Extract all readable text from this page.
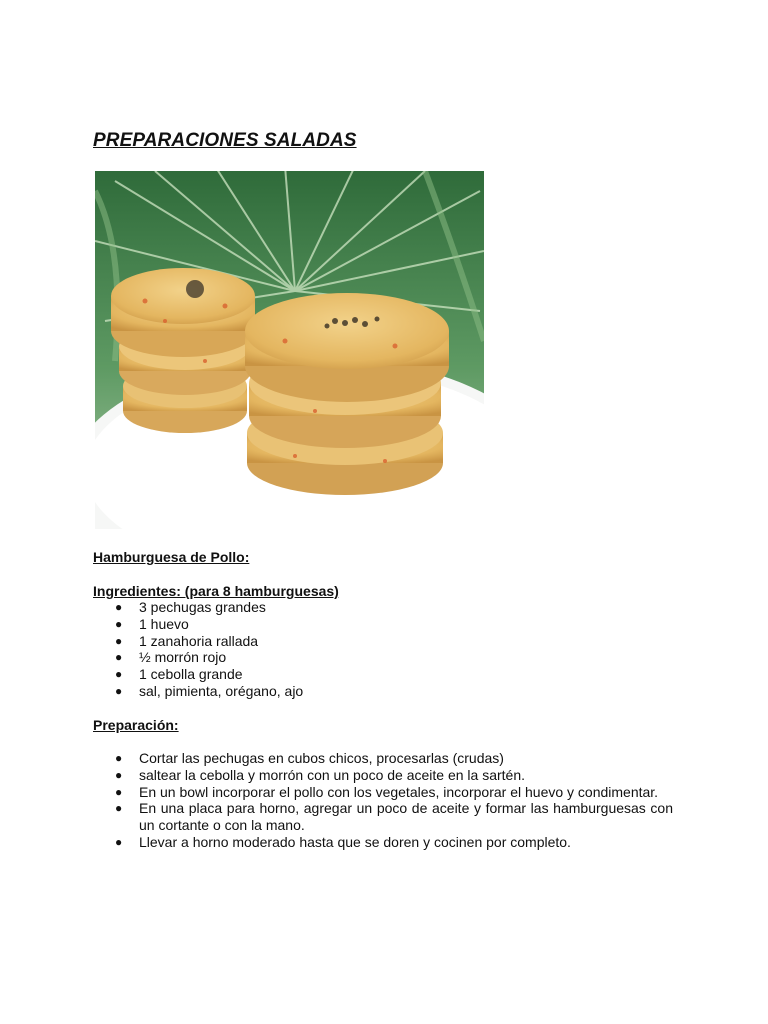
PREPARACIONES SALADAS

Hamburguesa de Pollo:

Ingredientes: (para 8 hamburguesas)

● 3 pechugas grandes
● 1 huevo
● 1 zanahoria rallada
● ½ morrón rojo
● 1 cebolla grande
● sal, pimienta, orégano, ajo

Preparación:

● Cortar las pechugas en cubos chicos, procesarlas (crudas)
● saltear la cebolla y morrón con un poco de aceite en la sartén.
● En un bowl incorporar el pollo con los vegetales, incorporar el huevo y condimentar.
● En una placa para horno, agregar un poco de aceite y formar las hamburguesas con un cortante o con la mano.
● Llevar a horno moderado hasta que se doren y cocinen por completo.
